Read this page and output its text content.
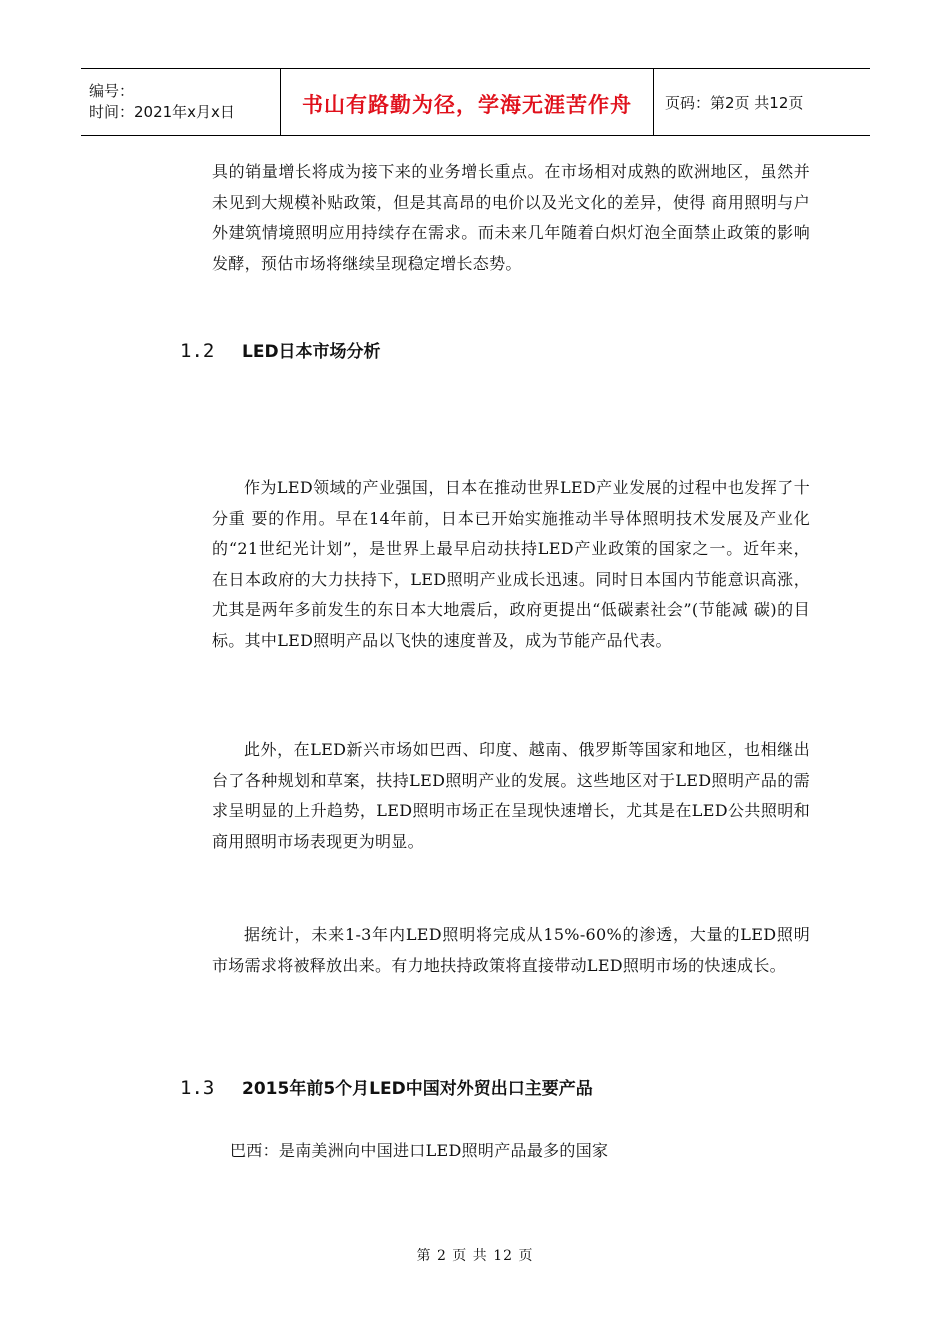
编号：
时间：2021年x月x日	书山有路勤为径，学海无涯苦作舟 页码：第2页 共12页

具的销量增长将成为接下来的业务增长重点。在市场相对成熟的欧洲地区，虽然并未见到大规模补贴政策，但是其高昂的电价以及光文化的差异，使得 商用照明与户外建筑情境照明应用持续存在需求。而未来几年随着白炽灯泡全面禁止政策的影响发酵，预估市场将继续呈现稳定增长态势。

1.2	LED日本市场分析

作为LED领域的产业强国，日本在推动世界LED产业发展的过程中也发挥了十分重 要的作用。早在14年前，日本已开始实施推动半导体照明技术发展及产业化的“21世纪光计划”，是世界上最早启动扶持LED产业政策的国家之一。近年来， 在日本政府的大力扶持下，LED照明产业成长迅速。同时日本国内节能意识高涨，尤其是两年多前发生的东日本大地震后，政府更提出“低碳素社会”(节能减 碳)的目标。其中LED照明产品以飞快的速度普及，成为节能产品代表。

此外，在LED新兴市场如巴西、印度、越南、俄罗斯等国家和地区，也相继出台了各种规划和草案，扶持LED照明产业的发展。这些地区对于LED照明产品的需求呈明显的上升趋势，LED照明市场正在呈现快速增长，尤其是在LED公共照明和商用照明市场表现更为明显。

据统计，未来1-3年内LED照明将完成从15%-60%的渗透，大量的LED照明市场需求将被释放出来。有力地扶持政策将直接带动LED照明市场的快速成长。

1.3	2015年前5个月LED中国对外贸出口主要产品

巴西：是南美洲向中国进口LED照明产品最多的国家

第 2 页 共 12 页
